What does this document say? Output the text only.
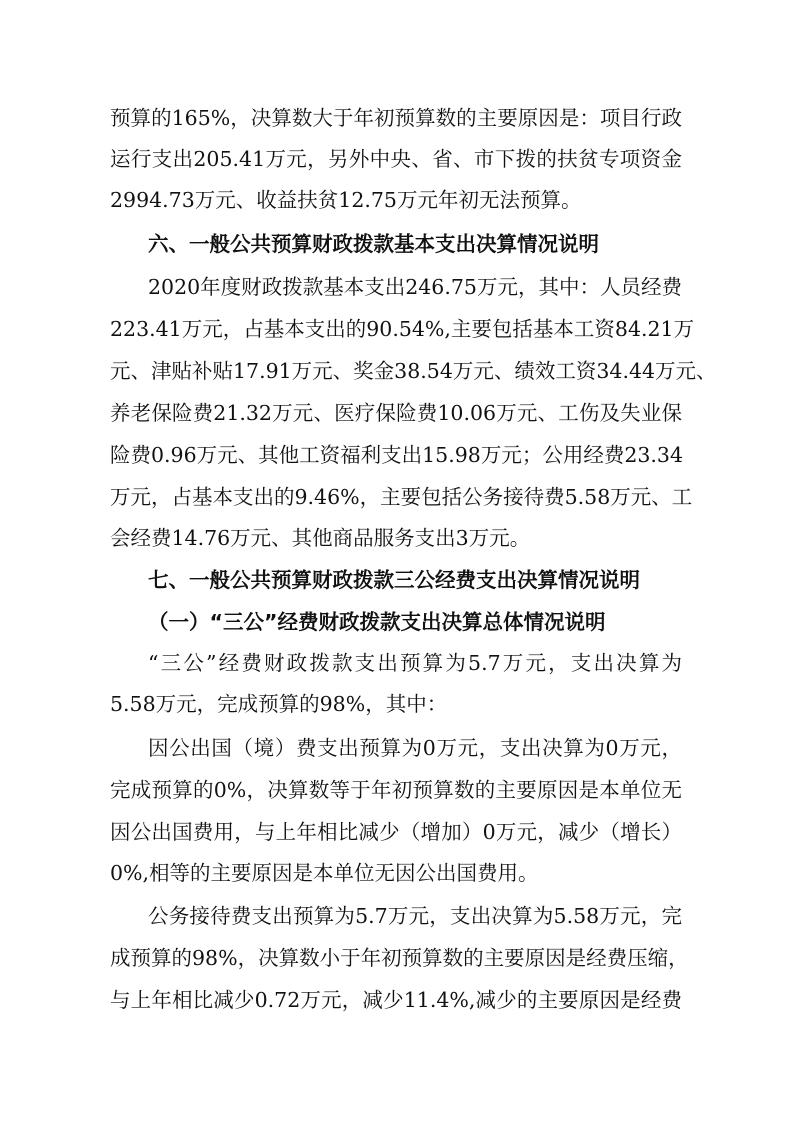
预算的165%，决算数大于年初预算数的主要原因是：项目行政

运行支出205.41万元，另外中央、省、市下拨的扶贫专项资金

2994.73万元、收益扶贫12.75万元年初无法预算。

六、一般公共预算财政拨款基本支出决算情况说明

2020年度财政拨款基本支出246.75万元，其中：人员经费

223.41万元，占基本支出的90.54%,主要包括基本工资84.21万

元、津贴补贴17.91万元、奖金38.54万元、绩效工资34.44万元、

养老保险费21.32万元、医疗保险费10.06万元、工伤及失业保

险费0.96万元、其他工资福利支出15.98万元；公用经费23.34

万元，占基本支出的9.46%，主要包括公务接待费5.58万元、工

会经费14.76万元、其他商品服务支出3万元。

七、一般公共预算财政拨款三公经费支出决算情况说明

（一）“三公”经费财政拨款支出决算总体情况说明

“三公”经费财政拨款支出预算为5.7万元，支出决算为

5.58万元，完成预算的98%，其中：

因公出国（境）费支出预算为0万元，支出决算为0万元，

完成预算的0%，决算数等于年初预算数的主要原因是本单位无

因公出国费用，与上年相比减少（增加）0万元，减少（增长）

0%,相等的主要原因是本单位无因公出国费用。

公务接待费支出预算为5.7万元，支出决算为5.58万元，完

成预算的98%，决算数小于年初预算数的主要原因是经费压缩，

与上年相比减少0.72万元，减少11.4%,减少的主要原因是经费
